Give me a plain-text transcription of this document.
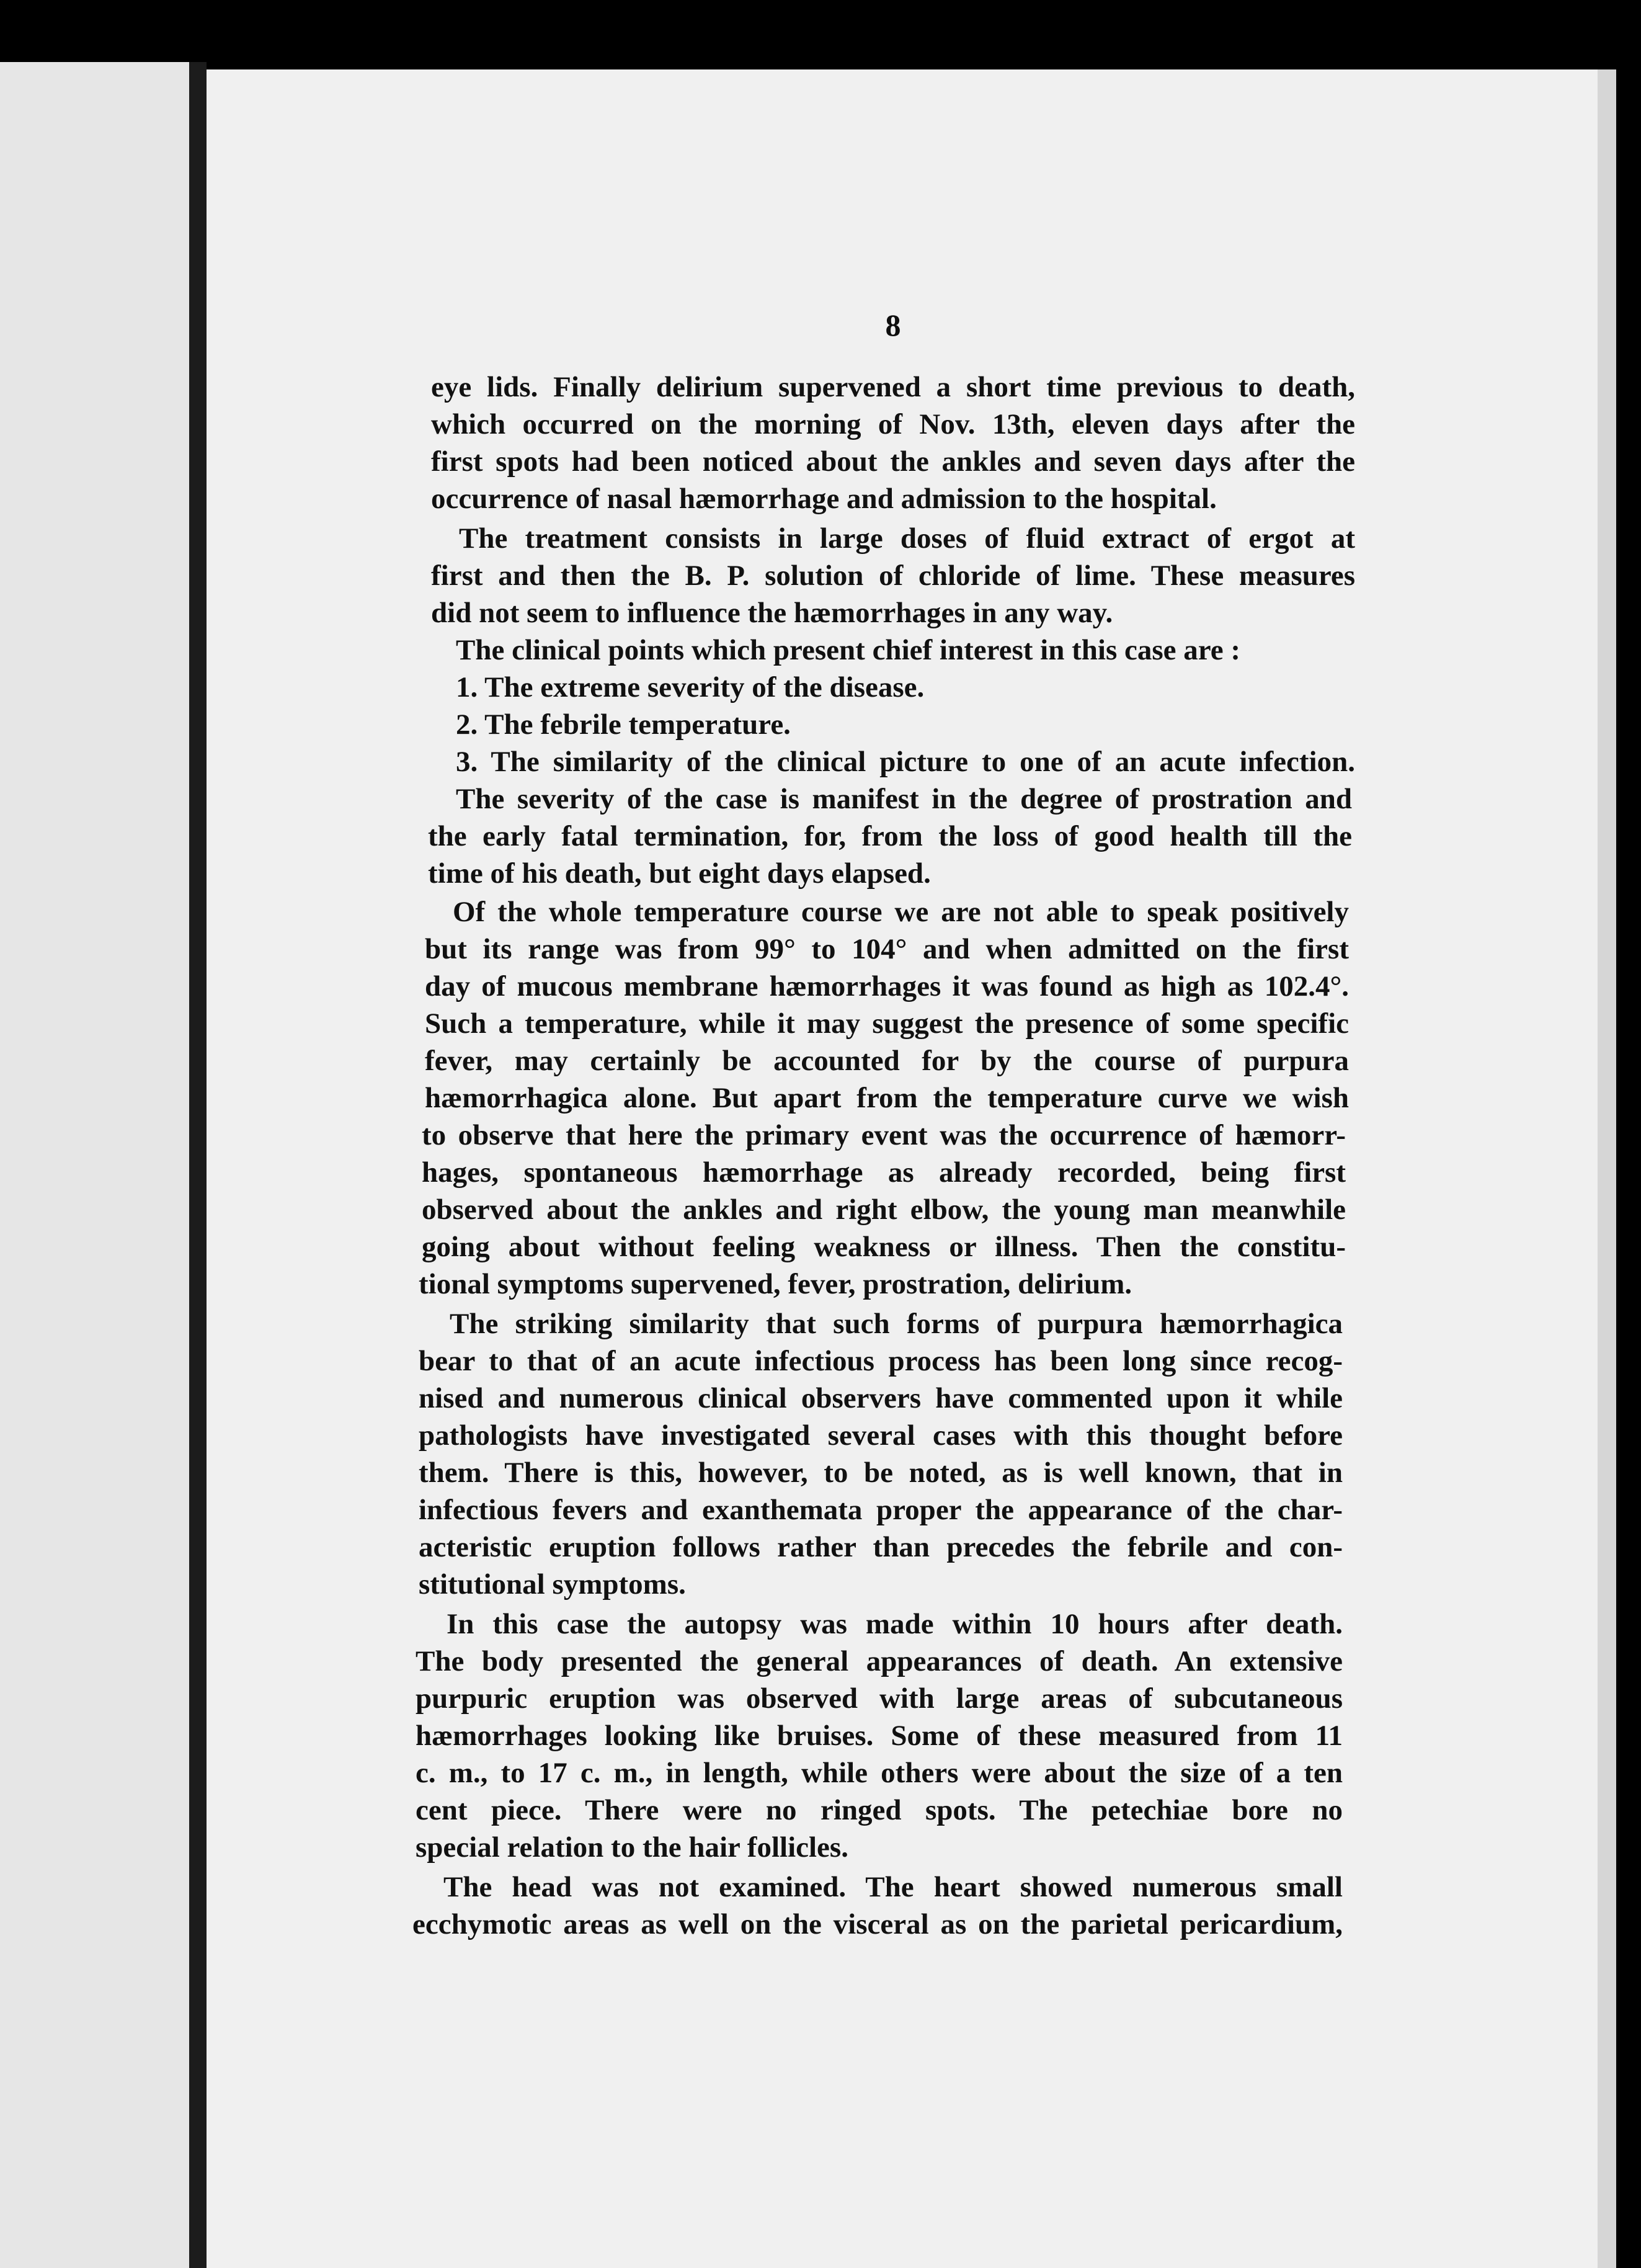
8
eye lids. Finally delirium supervened a short time previous to death,
which occurred on the morning of Nov. 13th, eleven days after the
first spots had been noticed about the ankles and seven days after the
occurrence of nasal hæmorrhage and admission to the hospital.
The treatment consists in large doses of fluid extract of ergot at
first and then the B. P. solution of chloride of lime. These measures
did not seem to influence the hæmorrhages in any way.
The clinical points which present chief interest in this case are :
1. The extreme severity of the disease.
2. The febrile temperature.
3. The similarity of the clinical picture to one of an acute infection.
The severity of the case is manifest in the degree of prostration and
the early fatal termination, for, from the loss of good health till the
time of his death, but eight days elapsed.
Of the whole temperature course we are not able to speak positively
but its range was from 99° to 104° and when admitted on the first
day of mucous membrane hæmorrhages it was found as high as 102.4°.
Such a temperature, while it may suggest the presence of some specific
fever, may certainly be accounted for by the course of purpura
hæmorrhagica alone. But apart from the temperature curve we wish
to observe that here the primary event was the occurrence of hæmorr-
hages, spontaneous hæmorrhage as already recorded, being first
observed about the ankles and right elbow, the young man meanwhile
going about without feeling weakness or illness. Then the constitu-
tional symptoms supervened, fever, prostration, delirium.
The striking similarity that such forms of purpura hæmorrhagica
bear to that of an acute infectious process has been long since recog-
nised and numerous clinical observers have commented upon it while
pathologists have investigated several cases with this thought before
them. There is this, however, to be noted, as is well known, that in
infectious fevers and exanthemata proper the appearance of the char-
acteristic eruption follows rather than precedes the febrile and con-
stitutional symptoms.
In this case the autopsy was made within 10 hours after death.
The body presented the general appearances of death. An extensive
purpuric eruption was observed with large areas of subcutaneous
hæmorrhages looking like bruises. Some of these measured from 11
c. m., to 17 c. m., in length, while others were about the size of a ten
cent piece. There were no ringed spots. The petechiae bore no
special relation to the hair follicles.
The head was not examined. The heart showed numerous small
ecchymotic areas as well on the visceral as on the parietal pericardium,
